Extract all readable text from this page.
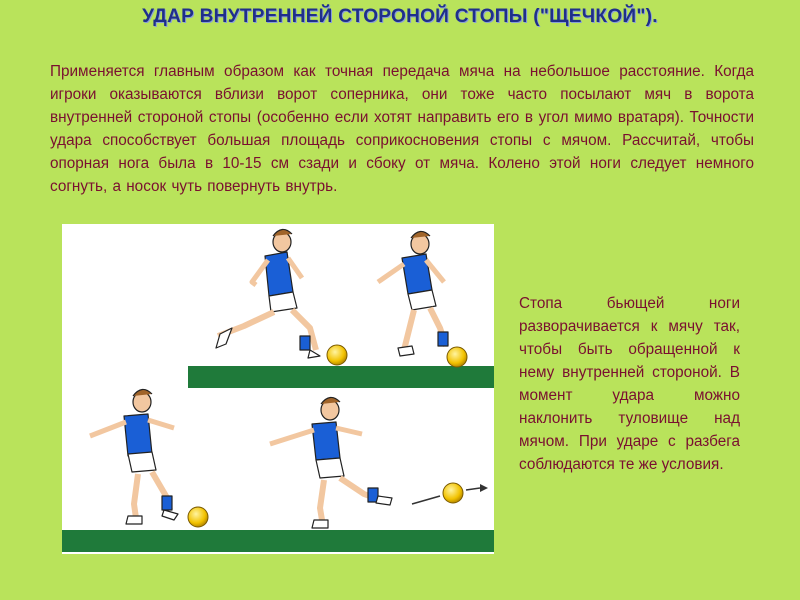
УДАР ВНУТРЕННЕЙ СТОРОНОЙ СТОПЫ ("ЩЕЧКОЙ").
Применяется главным образом как точная передача мяча на небольшое расстояние. Когда игроки оказываются вблизи ворот соперника, они тоже часто посылают мяч в ворота внутренней стороной стопы (особенно если хотят направить его в угол мимо вратаря). Точности удара способствует большая площадь соприкосновения стопы с мячом. Рассчитай, чтобы опорная нога была в 10-15 см сзади и сбоку от мяча. Колено этой ноги следует немного согнуть, а носок чуть повернуть внутрь.
Стопа бьющей ноги разворачивается к мячу так, чтобы быть обращенной к нему внутренней стороной. В момент удара можно наклонить туловище над мячом. При ударе с разбега соблюдаются те же условия.
